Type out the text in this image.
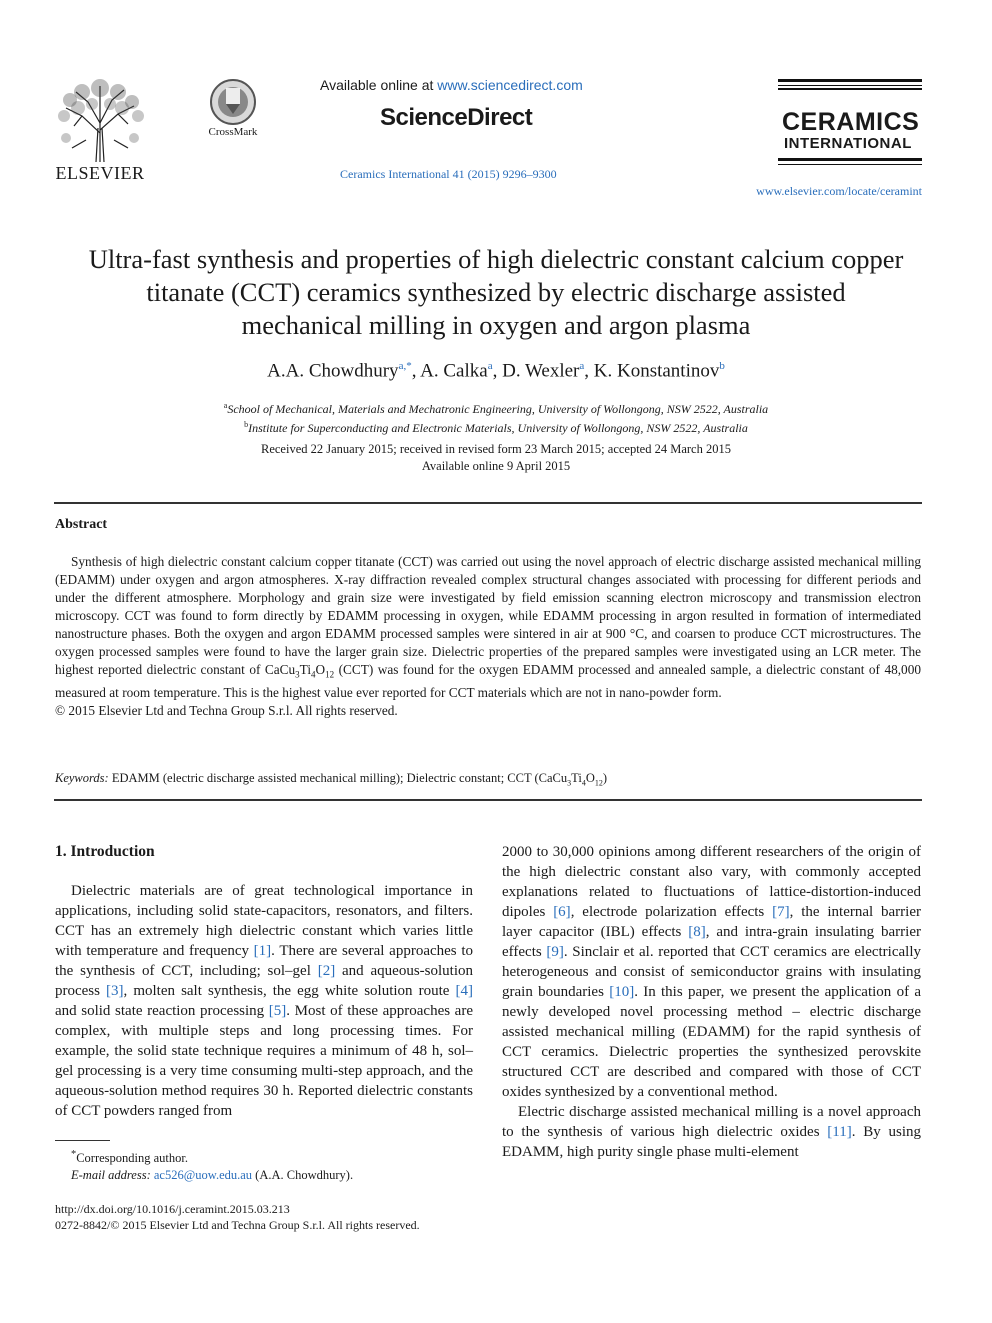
ELSEVIER
CrossMark
Available online at www.sciencedirect.com
ScienceDirect
Ceramics International 41 (2015) 9296–9300
CERAMICS
INTERNATIONAL
www.elsevier.com/locate/ceramint
Ultra-fast synthesis and properties of high dielectric constant calcium copper
titanate (CCT) ceramics synthesized by electric discharge assisted
mechanical milling in oxygen and argon plasma
A.A. Chowdhury$^{a,*}$, A. Calka$^a$, D. Wexler$^a$, K. Konstantinov$^b$
$^a$School of Mechanical, Materials and Mechatronic Engineering, University of Wollongong, NSW 2522, Australia
$^b$Institute for Superconducting and Electronic Materials, University of Wollongong, NSW 2522, Australia
Received 22 January 2015; received in revised form 23 March 2015; accepted 24 March 2015
Available online 9 April 2015
Abstract

Synthesis of high dielectric constant calcium copper titanate (CCT) was carried out using the novel approach of electric discharge assisted mechanical milling (EDAMM) under oxygen and argon atmospheres. X-ray diffraction revealed complex structural changes associated with processing for different periods and under the different atmosphere. Morphology and grain size were investigated by field emission scanning electron microscopy and transmission electron microscopy. CCT was found to form directly by EDAMM processing in oxygen, while EDAMM processing in argon resulted in formation of intermediated nanostructure phases. Both the oxygen and argon EDAMM processed samples were sintered in air at 900 °C, and coarsen to produce CCT microstructures. The oxygen processed samples were found to have the larger grain size. Dielectric properties of the prepared samples were investigated using an LCR meter. The highest reported dielectric constant of $CaCu_3Ti_4O_{12}$ (CCT) was found for the oxygen EDAMM processed and annealed sample, a dielectric constant of 48,000 measured at room temperature. This is the highest value ever reported for CCT materials which are not in nano-powder form.

© 2015 Elsevier Ltd and Techna Group S.r.l. All rights reserved.

Keywords: EDAMM (electric discharge assisted mechanical milling); Dielectric constant; CCT $(CaCu_3Ti_4O_{12})$
1. Introduction

Dielectric materials are of great technological importance in applications, including solid state-capacitors, resonators, and filters. CCT has an extremely high dielectric constant which varies little with temperature and frequency [1]. There are several approaches to the synthesis of CCT, including; sol–gel [2] and aqueous-solution process [3], molten salt synthesis, the egg white solution route [4] and solid state reaction processing [5]. Most of these approaches are complex, with multiple steps and long processing times. For example, the solid state technique requires a minimum of 48 h, sol–gel processing is a very time consuming multi-step approach, and the aqueous-solution method requires 30 h. Reported dielectric constants of CCT powders ranged from

2000 to 30,000 opinions among different researchers of the origin of the high dielectric constant also vary, with commonly accepted explanations related to fluctuations of lattice-distortion-induced dipoles [6], electrode polarization effects [7], the internal barrier layer capacitor (IBL) effects [8], and intra-grain insulating barrier effects [9]. Sinclair et al. reported that CCT ceramics are electrically heterogeneous and consist of semiconductor grains with insulating grain boundaries [10]. In this paper, we present the application of a newly developed novel processing method – electric discharge assisted mechanical milling (EDAMM) for the rapid synthesis of CCT ceramics. Dielectric properties the synthesized perovskite structured CCT are described and compared with those of CCT oxides synthesized by a conventional method.

Electric discharge assisted mechanical milling is a novel approach to the synthesis of various high dielectric oxides [11]. By using EDAMM, high purity single phase multi-element

*Corresponding author.
E-mail address: ac526@uow.edu.au (A.A. Chowdhury).
http://dx.doi.org/10.1016/j.ceramint.2015.03.213
0272-8842/© 2015 Elsevier Ltd and Techna Group S.r.l. All rights reserved.
